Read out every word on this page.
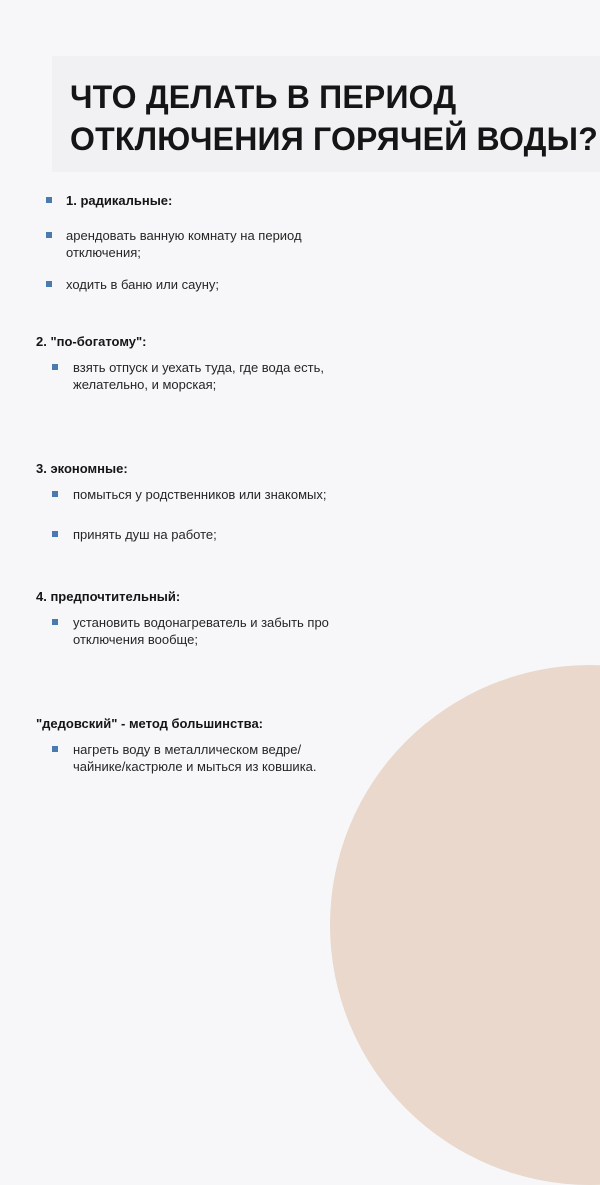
ЧТО ДЕЛАТЬ В ПЕРИОД
ОТКЛЮЧЕНИЯ ГОРЯЧЕЙ ВОДЫ?
1. радикальные:
арендовать ванную комнату на период
отключения;
ходить в баню или сауну;
2. "по-богатому":
взять отпуск и уехать туда, где вода есть,
желательно, и морская;
3. экономные:
помыться у родственников или знакомых;
принять душ на работе;
4. предпочтительный:
установить водонагреватель и забыть про
отключения вообще;
"дедовский" - метод большинства:
нагреть воду в металлическом ведре/
чайнике/кастрюле и мыться из ковшика.
